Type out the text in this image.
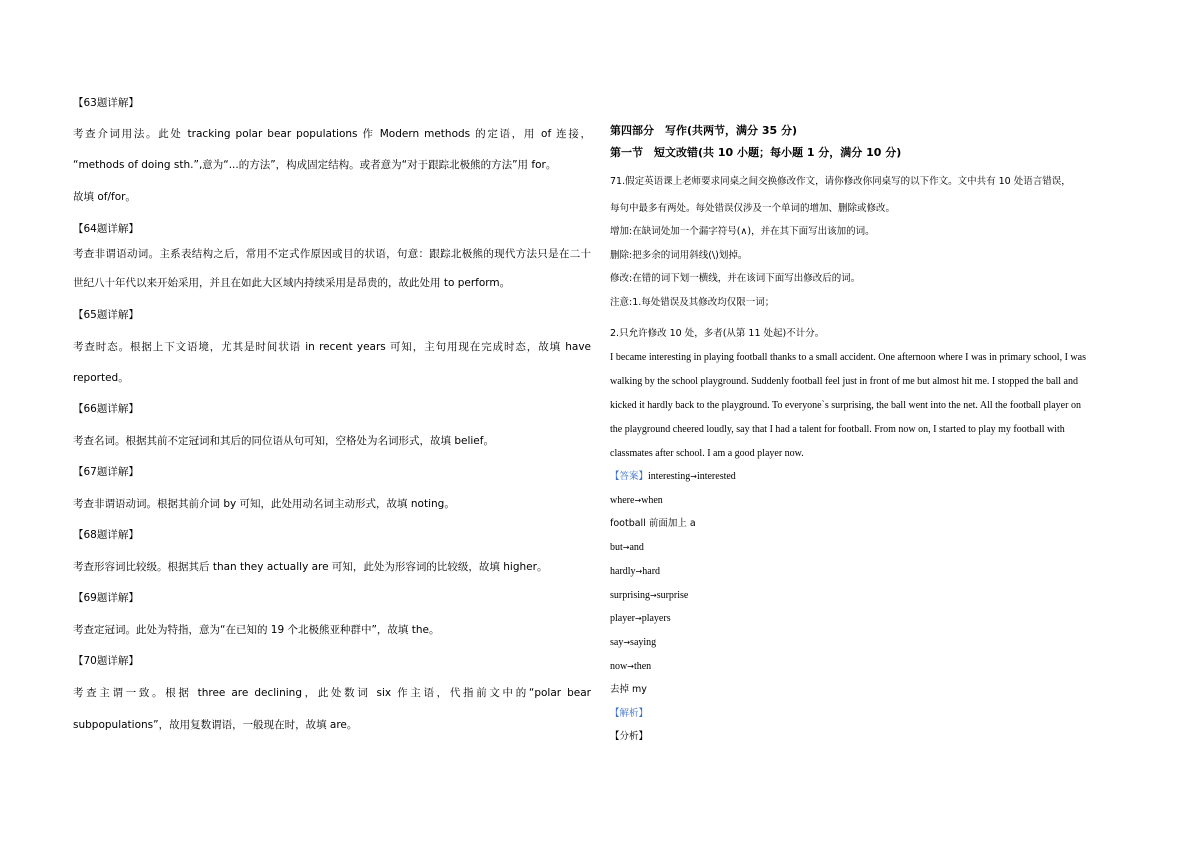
【63题详解】
考查介词用法。此处 tracking polar bear populations 作 Modern methods 的定语，用 of 连接，
“methods of doing sth.”,意为“...的方法”，构成固定结构。或者意为“对于跟踪北极熊的方法”用 for。
故填 of/for。
【64题详解】
考查非谓语动词。主系表结构之后，常用不定式作原因或目的状语，句意：跟踪北极熊的现代方法只是在二十
世纪八十年代以来开始采用，并且在如此大区域内持续采用是昂贵的，故此处用 to perform。
【65题详解】
考查时态。根据上下文语境，尤其是时间状语 in recent years 可知，主句用现在完成时态，故填 have
reported。
【66题详解】
考查名词。根据其前不定冠词和其后的同位语从句可知，空格处为名词形式，故填 belief。
【67题详解】
考查非谓语动词。根据其前介词 by 可知，此处用动名词主动形式，故填 noting。
【68题详解】
考查形容词比较级。根据其后 than they actually are 可知，此处为形容词的比较级，故填 higher。
【69题详解】
考查定冠词。此处为特指，意为“在已知的 19 个北极熊亚种群中”，故填 the。
【70题详解】
考查主谓一致。根据 three are declining，此处数词 six 作主语，代指前文中的“polar bear
subpopulations”，故用复数谓语，一般现在时，故填 are。
第四部分　写作(共两节，满分 35 分)
第一节　短文改错(共 10 小题；每小题 1 分，满分 10 分)
71.假定英语课上老师要求同桌之间交换修改作文，请你修改你同桌写的以下作文。文中共有 10 处语言错误，
每句中最多有两处。每处错误仅涉及一个单词的增加、删除或修改。
增加:在缺词处加一个漏字符号(∧)，并在其下面写出该加的词。
删除:把多余的词用斜线(\)划掉。
修改:在错的词下划一横线，并在该词下面写出修改后的词。
注意:1.每处错误及其修改均仅限一词；
2.只允许修改 10 处，多者(从第 11 处起)不计分。
I became interesting in playing football thanks to a small accident. One afternoon where I was in primary school, I was
walking by the school playground. Suddenly football feel just in front of me but almost hit me. I stopped the ball and
kicked it hardly back to the playground. To everyone`s surprising, the ball went into the net. All the football player on
the playground cheered loudly, say that I had a talent for football. From now on, I started to play my football with
classmates after school. I am a good player now.
【答案】interesting→interested
where→when
football 前面加上 a
but→and
hardly→hard
surprising→surprise
player→players
say→saying
now→then
去掉 my
【解析】
【分析】
